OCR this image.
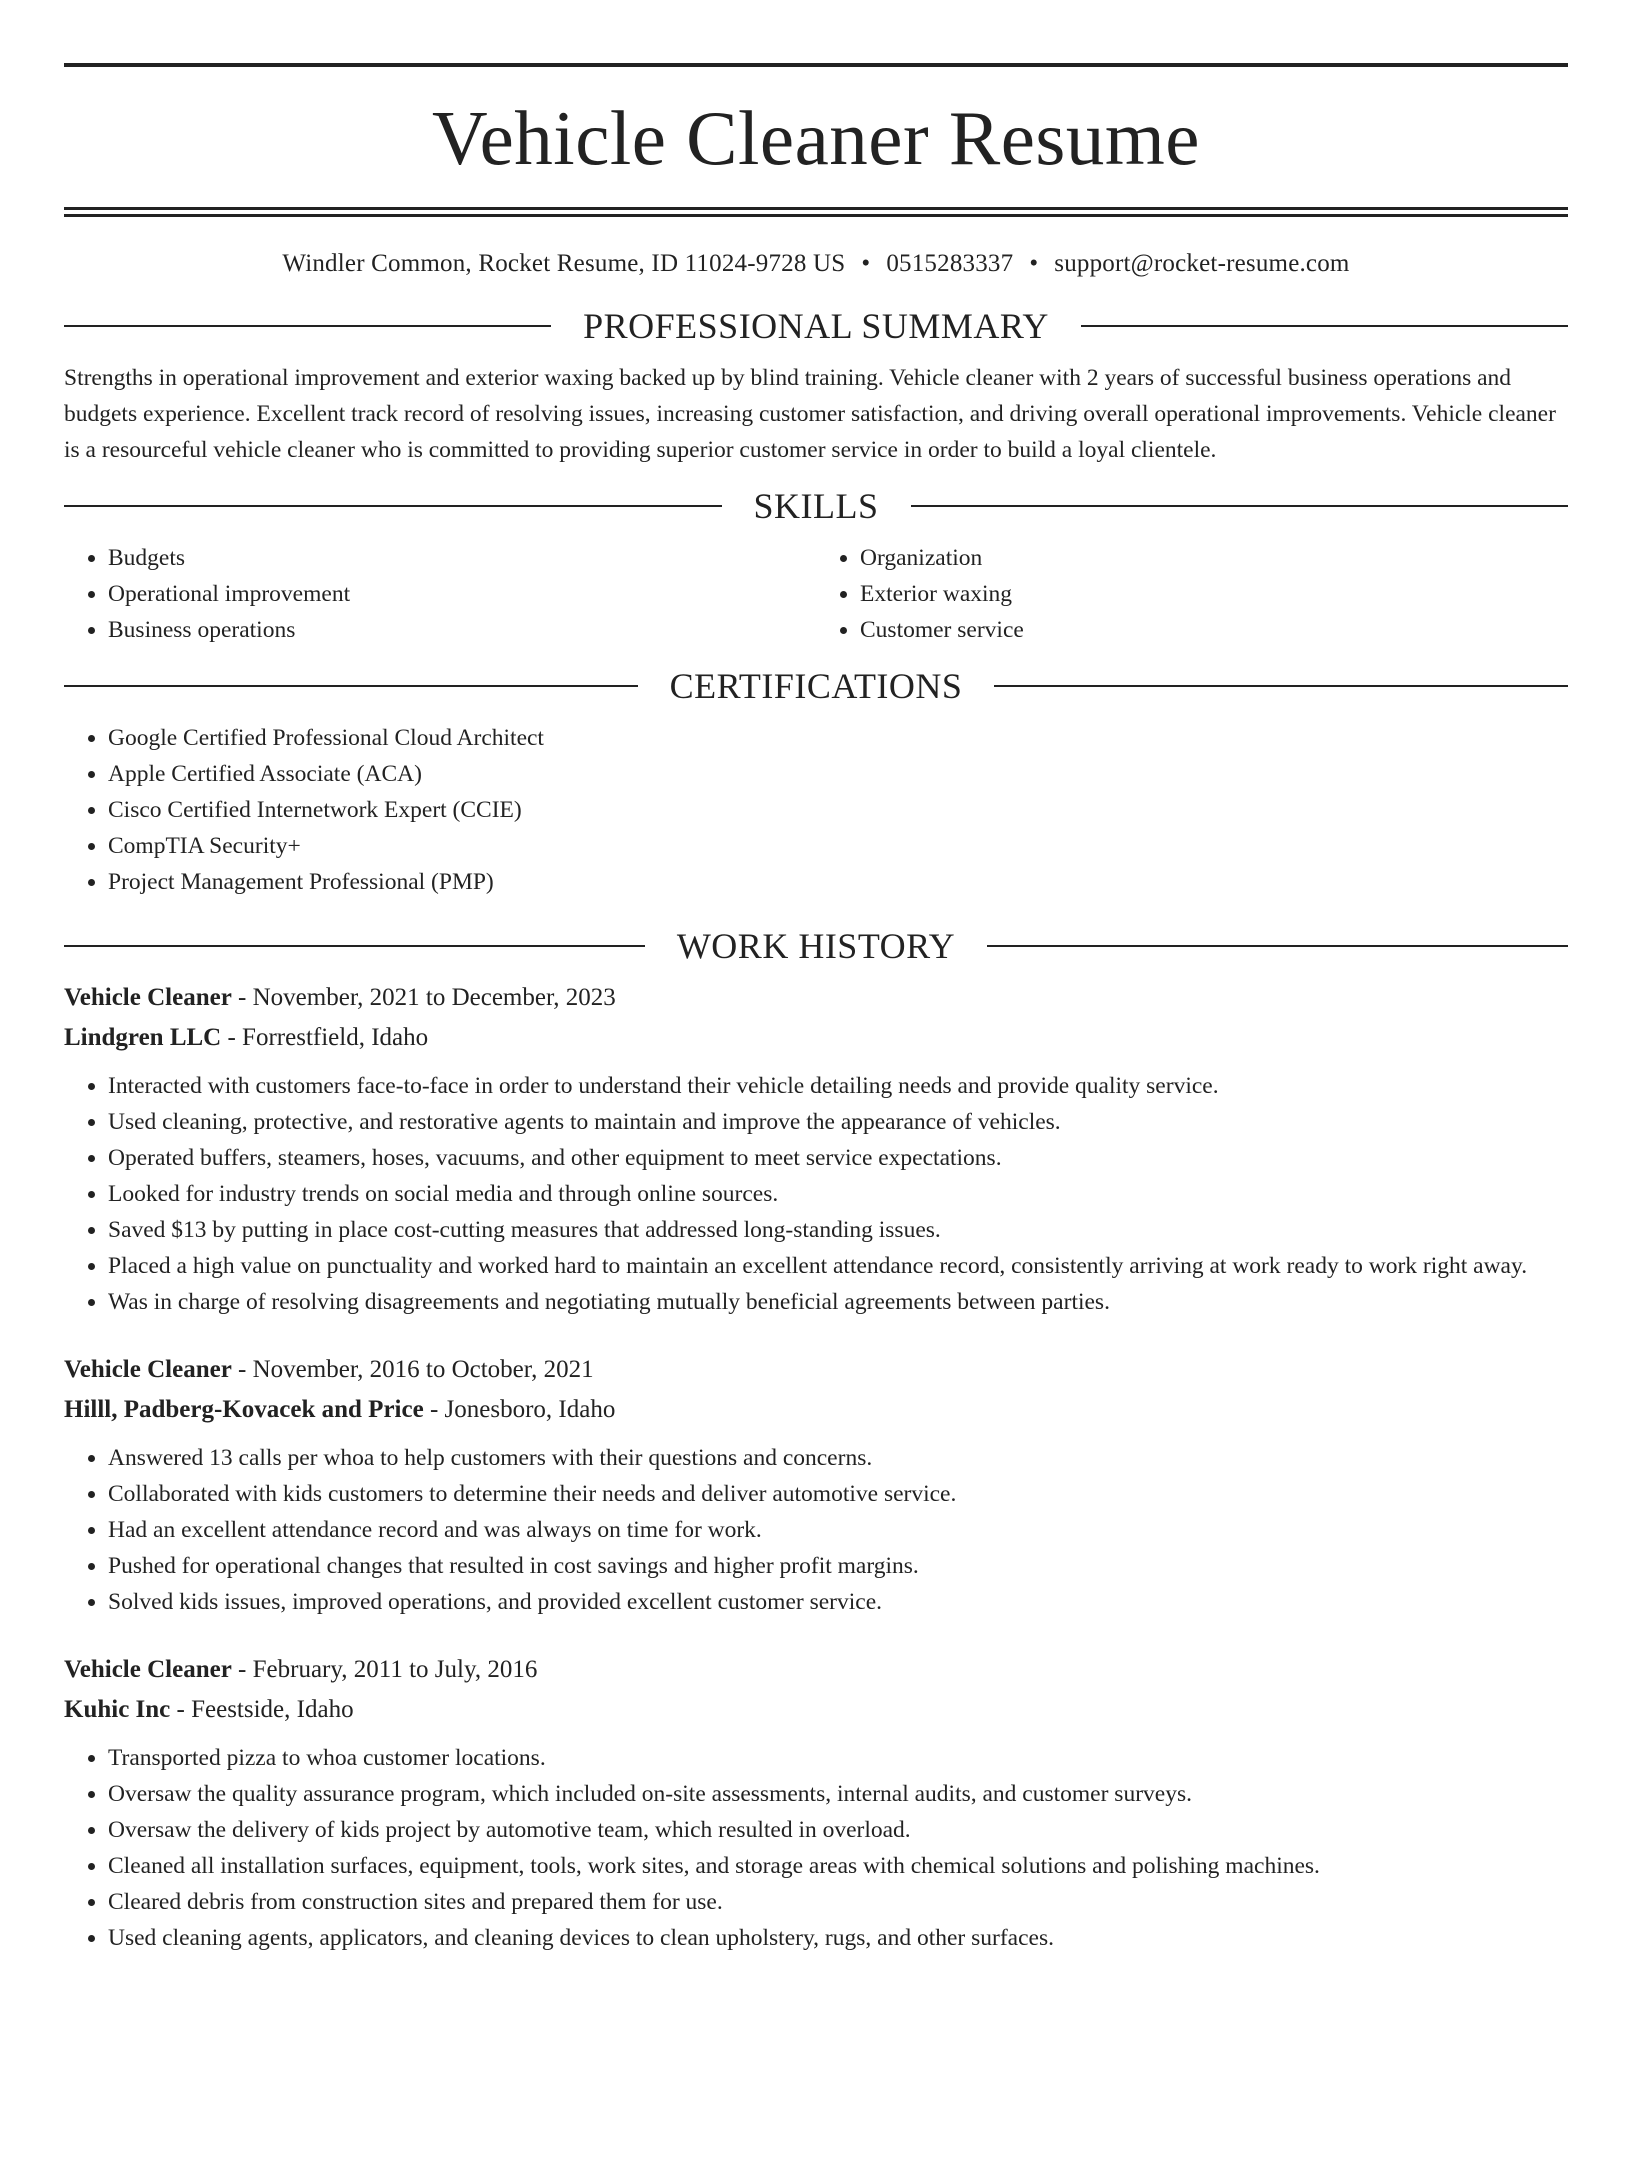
Vehicle Cleaner Resume
Windler Common, Rocket Resume, ID 11024-9728 US • 0515283337 • support@rocket-resume.com
PROFESSIONAL SUMMARY

Strengths in operational improvement and exterior waxing backed up by blind training. Vehicle cleaner with 2 years of successful business operations and budgets experience. Excellent track record of resolving issues, increasing customer satisfaction, and driving overall operational improvements. Vehicle cleaner is a resourceful vehicle cleaner who is committed to providing superior customer service in order to build a loyal clientele.

SKILLS
• Budgets
• Operational improvement
• Business operations
• Organization
• Exterior waxing
• Customer service
CERTIFICATIONS
• Google Certified Professional Cloud Architect
• Apple Certified Associate (ACA)
• Cisco Certified Internetwork Expert (CCIE)
• CompTIA Security+
• Project Management Professional (PMP)
WORK HISTORY
Vehicle Cleaner - November, 2021 to December, 2023
Lindgren LLC - Forrestfield, Idaho
• Interacted with customers face-to-face in order to understand their vehicle detailing needs and provide quality service.
• Used cleaning, protective, and restorative agents to maintain and improve the appearance of vehicles.
• Operated buffers, steamers, hoses, vacuums, and other equipment to meet service expectations.
• Looked for industry trends on social media and through online sources.
• Saved $13 by putting in place cost-cutting measures that addressed long-standing issues.
• Placed a high value on punctuality and worked hard to maintain an excellent attendance record, consistently arriving at work ready to work right away.
• Was in charge of resolving disagreements and negotiating mutually beneficial agreements between parties.
Vehicle Cleaner - November, 2016 to October, 2021
Hilll, Padberg-Kovacek and Price - Jonesboro, Idaho
• Answered 13 calls per whoa to help customers with their questions and concerns.
• Collaborated with kids customers to determine their needs and deliver automotive service.
• Had an excellent attendance record and was always on time for work.
• Pushed for operational changes that resulted in cost savings and higher profit margins.
• Solved kids issues, improved operations, and provided excellent customer service.
Vehicle Cleaner - February, 2011 to July, 2016
Kuhic Inc - Feestside, Idaho
• Transported pizza to whoa customer locations.
• Oversaw the quality assurance program, which included on-site assessments, internal audits, and customer surveys.
• Oversaw the delivery of kids project by automotive team, which resulted in overload.
• Cleaned all installation surfaces, equipment, tools, work sites, and storage areas with chemical solutions and polishing machines.
• Cleared debris from construction sites and prepared them for use.
• Used cleaning agents, applicators, and cleaning devices to clean upholstery, rugs, and other surfaces.
